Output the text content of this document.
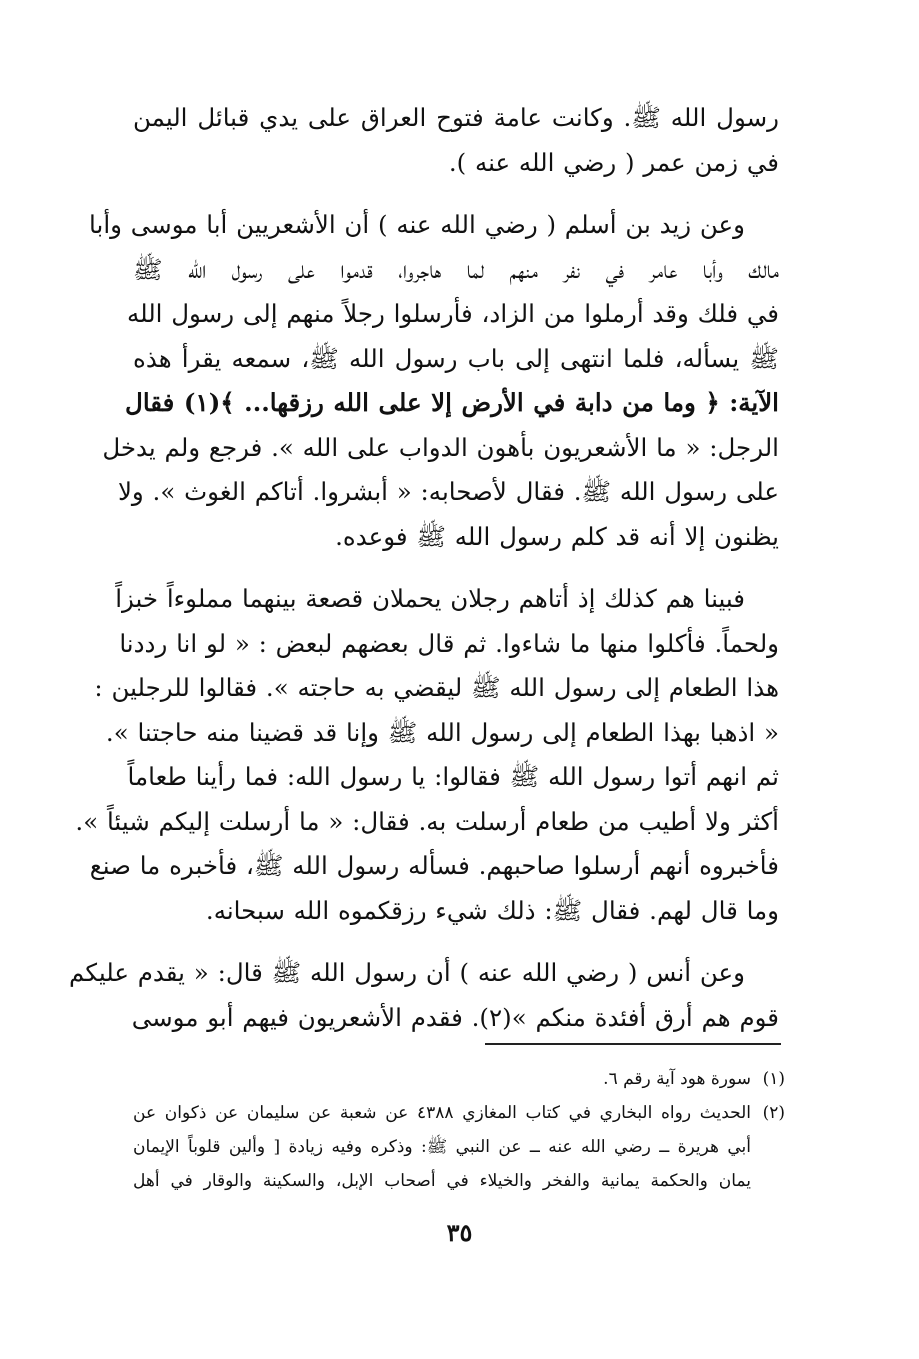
رسول الله ﷺ. وكانت عامة فتوح العراق على يدي قبائل اليمن
في زمن عمر ( رضي الله عنه ).

وعن زيد بن أسلم ( رضي الله عنه ) أن الأشعريين أبا موسى وأبا
مالك وأبا عامر في نفر منهم لما هاجروا، قدموا على رسول الله ﷺ
في فلك وقد أرملوا من الزاد، فأرسلوا رجلاً منهم إلى رسول الله
ﷺ يسأله، فلما انتهى إلى باب رسول الله ﷺ، سمعه يقرأ هذه
الآية: ﴿ وما من دابة في الأرض إلا على الله رزقها... ﴾(١) فقال
الرجل: « ما الأشعريون بأهون الدواب على الله ». فرجع ولم يدخل
على رسول الله ﷺ. فقال لأصحابه: « أبشروا. أتاكم الغوث ». ولا
يظنون إلا أنه قد كلم رسول الله ﷺ فوعده.

فبينا هم كذلك إذ أتاهم رجلان يحملان قصعة بينهما مملوءاً خبزاً
ولحماً. فأكلوا منها ما شاءوا. ثم قال بعضهم لبعض : « لو انا رددنا
هذا الطعام إلى رسول الله ﷺ ليقضي به حاجته ». فقالوا للرجلين :
« اذهبا بهذا الطعام إلى رسول الله ﷺ وإنا قد قضينا منه حاجتنا ».
ثم انهم أتوا رسول الله ﷺ فقالوا: يا رسول الله: فما رأينا طعاماً
أكثر ولا أطيب من طعام أرسلت به. فقال: « ما أرسلت إليكم شيئاً ».
فأخبروه أنهم أرسلوا صاحبهم. فسأله رسول الله ﷺ، فأخبره ما صنع
وما قال لهم. فقال ﷺ: ذلك شيء رزقكموه الله سبحانه.

وعن أنس ( رضي الله عنه ) أن رسول الله ﷺ قال: « يقدم عليكم
قوم هم أرق أفئدة منكم »(٢). فقدم الأشعريون فيهم أبو موسى

(١)
سورة هود آية رقم ٦.
(٢)
الحديث رواه البخاري في كتاب المغازي ٤٣٨٨ عن شعبة عن سليمان عن ذكوان عن
أبي هريرة ــ رضي الله عنه ــ عن النبي ﷺ: وذكره وفيه زيادة [ وألين قلوباً الإيمان
يمان والحكمة يمانية والفخر والخيلاء في أصحاب الإبل، والسكينة والوقار في أهل
٣٥
